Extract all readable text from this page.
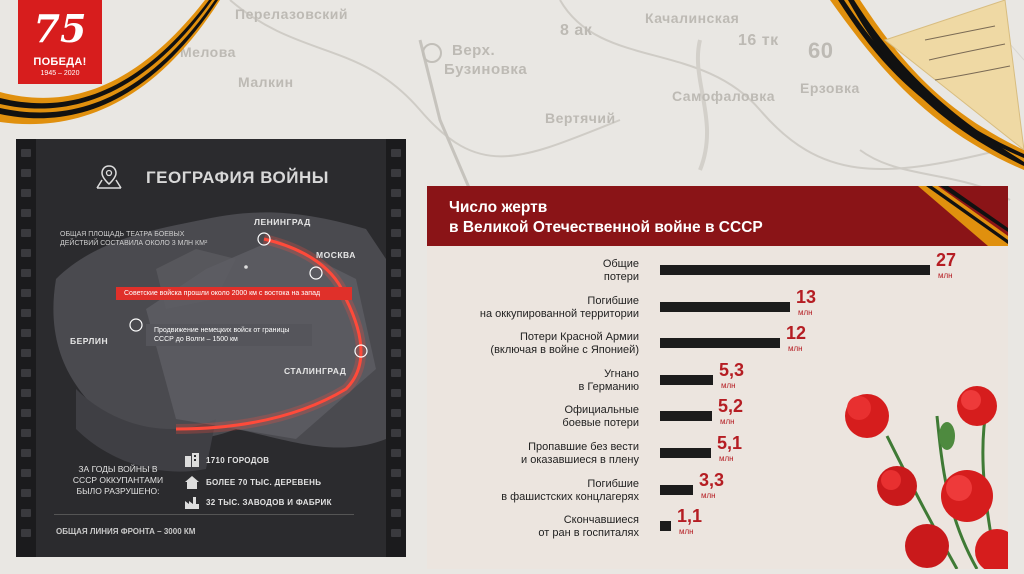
Перелазовский
Мелова
Малкин
Верх.
Бузиновка
Вертячий
Самофаловка Ерзовка
Качалинская
8 ак
16 тк 60
75
ПОБЕДА!
1945 – 2020
ГЕОГРАФИЯ ВОЙНЫ
ОБЩАЯ ПЛОЩАДЬ ТЕАТРА БОЕВЫХ ДЕЙСТВИЙ СОСТАВИЛА ОКОЛО 3 МЛН КМ²
ЛЕНИНГРАД
МОСКВА
БЕРЛИН
СТАЛИНГРАД
Советские войска прошли около 2000 км с востока на запад
Продвижение немецких войск от границы СССР до Волги – 1500 км
ЗА ГОДЫ ВОЙНЫ В СССР ОККУПАНТАМИ БЫЛО РАЗРУШЕНО:
1710 ГОРОДОВ
БОЛЕЕ 70 ТЫС. ДЕРЕВЕНЬ
32 ТЫС. ЗАВОДОВ И ФАБРИК
ОБЩАЯ ЛИНИЯ ФРОНТА – 3000 КМ
Число жертв
в Великой Отечественной войне в СССР
Общие
потери
27
млн
Погибшие
на оккупированной территории
13
млн
Потери Красной Армии
(включая в войне с Японией)
12
млн
Угнано
в Германию
5,3
млн
Официальные
боевые потери
5,2
млн
Пропавшие без вести
и оказавшиеся в плену
5,1
млн
Погибшие
в фашистских концлагерях
3,3
млн
Скончавшиеся
от ран в госпиталях
1,1
млн
